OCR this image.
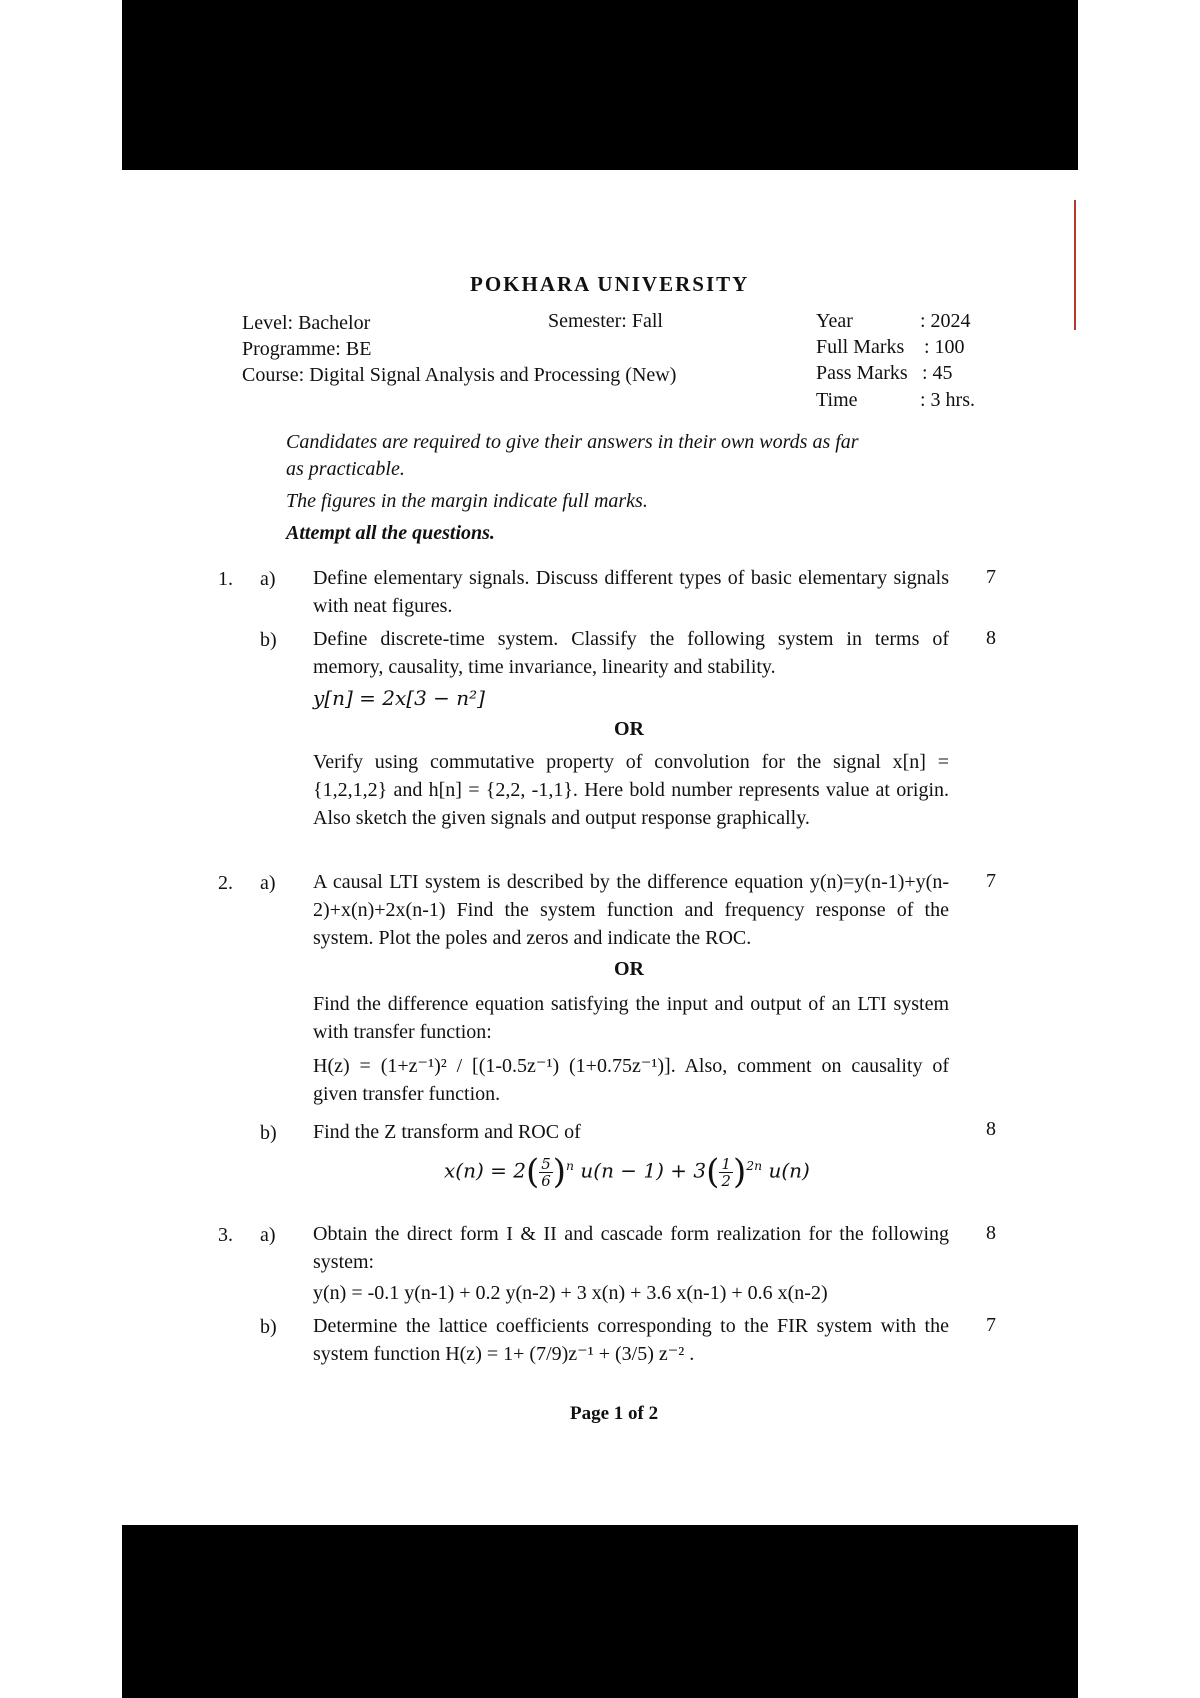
POKHARA UNIVERSITY
Level: Bachelor	Semester: Fall
Programme: BE
Course: Digital Signal Analysis and Processing (New)
Year	: 2024
Full Marks : 100
Pass Marks : 45
Time	: 3 hrs.
Candidates are required to give their answers in their own words as far
as practicable.
The figures in the margin indicate full marks.
Attempt all the questions.
1. a) Define elementary signals. Discuss different types of basic elementary signals with neat figures.
7
b) Define discrete-time system. Classify the following system in terms of memory, causality, time invariance, linearity and stability.
8
y[n] = 2x[3 − n²]
OR
Verify using commutative property of convolution for the signal x[n] = {1,2,1,2} and h[n] = {2,2, -1,1}. Here bold number represents value at origin. Also sketch the given signals and output response graphically.
2. a) A causal LTI system is described by the difference equation y(n)=y(n-1)+y(n-2)+x(n)+2x(n-1) Find the system function and frequency response of the system. Plot the poles and zeros and indicate the ROC.
7
OR
Find the difference equation satisfying the input and output of an LTI system with transfer function:
H(z) = (1+z⁻¹)² / [(1-0.5z⁻¹) (1+0.75z⁻¹)]. Also, comment on causality of given transfer function.
b) Find the Z transform and ROC of	8
$x(n) = 2( \frac{5}{6} )^n$ $u(n - 1) + 3( \frac{1}{2} )^{2n}$ u(n)
3. a) Obtain the direct form I & II and cascade form realization for the following system:
8
y(n) = -0.1 y(n-1) + 0.2 y(n-2) + 3 x(n) + 3.6 x(n-1) + 0.6 x(n-2)
b) Determine the lattice coefficients corresponding to the FIR system with the system function H(z) = 1+ (7/9)z⁻¹ + (3/5) z⁻² .
7
Page 1 of 2
